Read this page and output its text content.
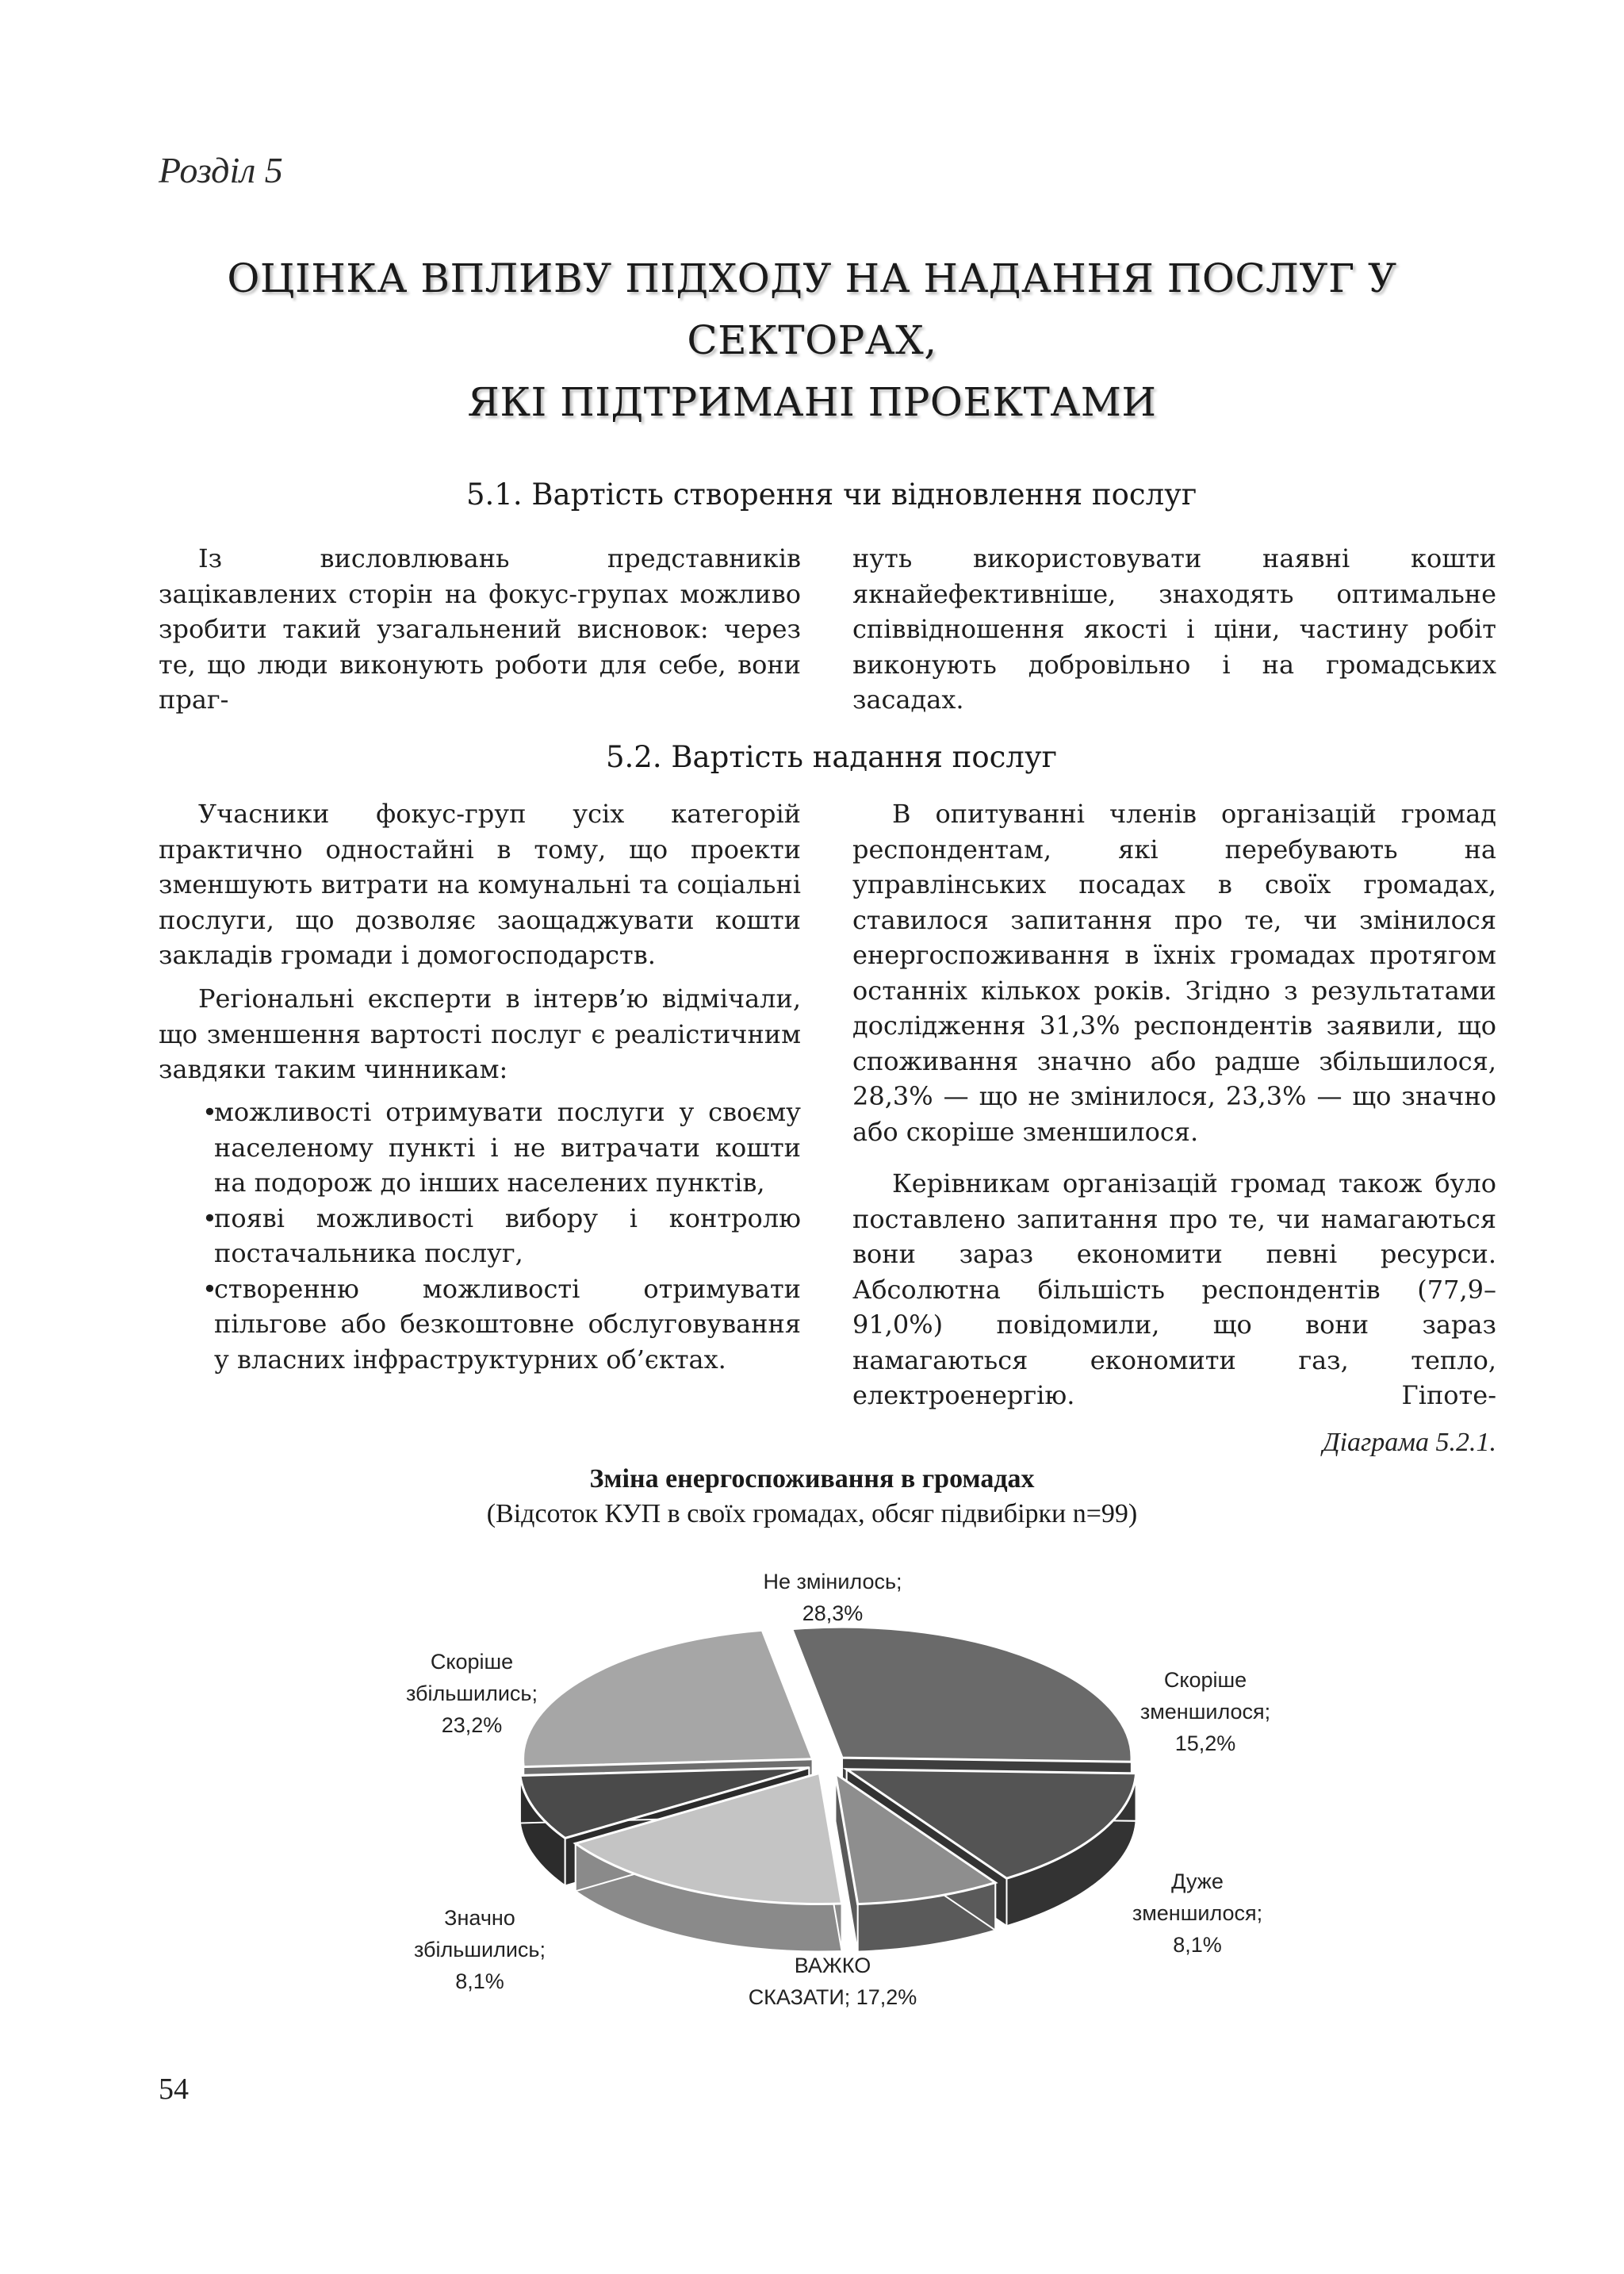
Розділ 5
ОЦІНКА ВПЛИВУ ПІДХОДУ НА НАДАННЯ ПОСЛУГ У СЕКТОРАХ,
ЯКІ ПІДТРИМАНІ ПРОЕКТАМИ
5.1. Вартість створення чи відновлення послуг
Із висловлювань представників зацікавлених сторін на фокус-групах можливо зробити такий узагальнений висновок: через те, що люди виконують роботи для себе, вони праг-
нуть використовувати наявні кошти якнайефективніше, знаходять оптимальне співвідношення якості і ціни, частину робіт виконують добровільно і на громадських засадах.
5.2. Вартість надання послуг
Учасники фокус-груп усіх категорій практично одностайні в тому, що проекти зменшують витрати на комунальні та соціальні послуги, що дозволяє заощаджувати кошти закладів громади і домогосподарств.
Регіональні експерти в інтерв’ю відмічали, що зменшення вартості послуг є реалістичним завдяки таким чинникам:
•
можливості отримувати послуги у своєму населеному пункті і не витрачати кошти на подорож до інших населених пунктів,
•
появі можливості вибору і контролю постачальника послуг,
•
створенню можливості отримувати пільгове або безкоштовне обслуговування у власних інфраструктурних об’єктах.
В опитуванні членів організацій громад респондентам, які перебувають на управлінських посадах в своїх громадах, ставилося запитання про те, чи змінилося енергоспоживання в їхніх громадах протягом останніх кількох років. Згідно з результатами дослідження 31,3% респондентів заявили, що споживання значно або радше збільшилося, 28,3% — що не змінилося, 23,3% — що значно або скоріше зменшилося.
Керівникам організацій громад також було поставлено запитання про те, чи намагаються вони зараз економити певні ресурси. Абсолютна більшість респондентів (77,9–91,0%) повідомили, що вони зараз намагаються економити газ, тепло, електроенергію. Гіпоте-
Діаграма 5.2.1.
Зміна енергоспоживання в громадах
(Відсоток КУП в своїх громадах, обсяг підвибірки n=99)
Не змінилось;
28,3%
Скоріше
зменшилося;
15,2%
Дуже
зменшилося;
8,1%
ВАЖКО
СКАЗАТИ; 17,2%
Значно
збільшились;
8,1%
Скоріше
збільшились;
23,2%
54
